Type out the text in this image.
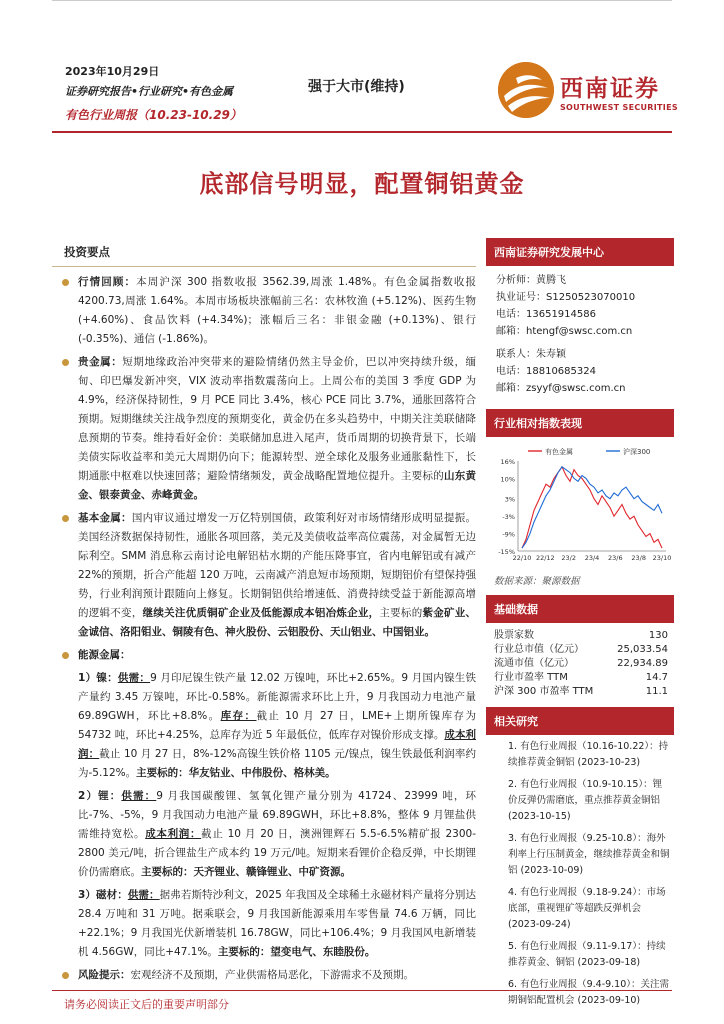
2023年10月29日
证券研究报告•行业研究•有色金属
有色行业周报（10.23-10.29）
强于大市(维持)	西南证券
SOUTHWEST SECURITIES
底部信号明显，配置铜铝黄金
投资要点
行情回顾：本周沪深 300 指数收报 3562.39,周涨 1.48%。有色金属指数收报 4200.73,周涨 1.64%。本周市场板块涨幅前三名：农林牧渔 (+5.12%)、医药生物 (+4.60%)、食品饮料 (+4.34%)；涨幅后三名：非银金融 (+0.13%)、银行 (-0.35%)、通信 (-1.86%)。
贵金属：短期地缘政治冲突带来的避险情绪仍然主导金价，巴以冲突持续升级，缅甸、印巴爆发新冲突，VIX 波动率指数震荡向上。上周公布的美国 3 季度 GDP 为 4.9%，经济保持韧性，9 月 PCE 同比 3.4%，核心 PCE 同比 3.7%，通胀回落符合预期。短期继续关注战争烈度的预期变化，黄金仍在多头趋势中，中期关注美联储降息预期的节奏。维持看好金价：美联储加息进入尾声，货币周期的切换背景下，长端美债实际收益率和美元大周期仍向下；能源转型、逆全球化及服务业通胀黏性下，长期通胀中枢难以快速回落；避险情绪频发，黄金战略配置地位提升。主要标的山东黄金、银泰黄金、赤峰黄金。
基本金属：国内审议通过增发一万亿特别国债，政策利好对市场情绪形成明显提振。美国经济数据保持韧性，通胀各项回落，美元及美债收益率高位震荡，对金属暂无边际利空。SMM 消息称云南讨论电解铝枯水期的产能压降事宜，省内电解铝或有减产 22%的预期，折合产能超 120 万吨，云南减产消息短市场预期，短期铝价有望保持强势，行业利润预计跟随向上修复。长期铜铝供给增速低、消费持续受益于新能源高增的逻辑不变，继续关注优质铜矿企业及低能源成本铝冶炼企业，主要标的紫金矿业、金诚信、洛阳钼业、铜陵有色、神火股份、云铝股份、天山铝业、中国铝业。
能源金属：
1）镍：供需：9 月印尼镍生铁产量 12.02 万镍吨，环比+2.65%。9 月国内镍生铁产量约 3.45 万镍吨，环比-0.58%。新能源需求环比上升，9 月我国动力电池产量 69.89GWH，环比+8.8%。库存：截止 10 月 27 日，LME+上期所镍库存为 54732 吨，环比+4.25%，总库存为近 5 年最低位，低库存对镍价形成支撑。成本利润：截止 10 月 27 日，8%-12%高镍生铁价格 1105 元/镍点，镍生铁最低利润率约为-5.12%。主要标的：华友钴业、中伟股份、格林美。
2）锂：供需：9 月我国碳酸锂、氢氧化锂产量分别为 41724、23999 吨，环比-7%、-5%，9 月我国动力电池产量 69.89GWH，环比+8.8%，整体 9 月锂盐供需维持宽松。成本利润：截止 10 月 20 日，澳洲锂辉石 5.5-6.5%精矿报 2300-2800 美元/吨，折合锂盐生产成本约 19 万元/吨。短期来看锂价企稳反弹，中长期锂价仍需磨底。主要标的：天齐锂业、赣锋锂业、中矿资源。
3）磁材：供需：据弗若斯特沙利文，2025 年我国及全球稀土永磁材料产量将分别达 28.4 万吨和 31 万吨。据乘联会，9 月我国新能源乘用车零售量 74.6 万辆，同比+22.1%；9 月我国光伏新增装机 16.78GW，同比+106.4%；9 月我国风电新增装机 4.56GW，同比+47.1%。主要标的：望变电气、东睦股份。
风险提示：宏观经济不及预期，产业供需格局恶化，下游需求不及预期。
西南证券研究发展中心
分析师：黄腾飞
执业证号：S1250523070010
电话：13651914586
邮箱：htengf@swsc.com.cn
联系人：朱寿颖
电话：18810685324
邮箱：zsyyf@swsc.com.cn
行业相对指数表现
16%
10%
3%
-3%
-9%
-15%
22/10 22/12 23/2 23/4 23/6 23/8 23/10
有色金属	沪深300
数据来源：聚源数据
基础数据
股票家数	130
行业总市值（亿元）	25,033.54
流通市值（亿元）	22,934.89
行业市盈率 TTM	14.7
沪深 300 市盈率 TTM	11.1
相关研究
1. 有色行业周报（10.16-10.22）：持续推荐黄金铜铝 (2023-10-23)
2. 有色行业周报（10.9-10.15）：锂价反弹仍需磨底，重点推荐黄金铜铝 (2023-10-15)
3. 有色行业周报（9.25-10.8）：海外利率上行压制黄金，继续推荐黄金和铜铝 (2023-10-09)
4. 有色行业周报（9.18-9.24）：市场底部，重视锂矿等超跌反弹机会 (2023-09-24)
5. 有色行业周报（9.11-9.17）：持续推荐黄金、铜铝 (2023-09-18)
6. 有色行业周报（9.4-9.10）：关注需期铜铝配置机会 (2023-09-10)
请务必阅读正文后的重要声明部分
